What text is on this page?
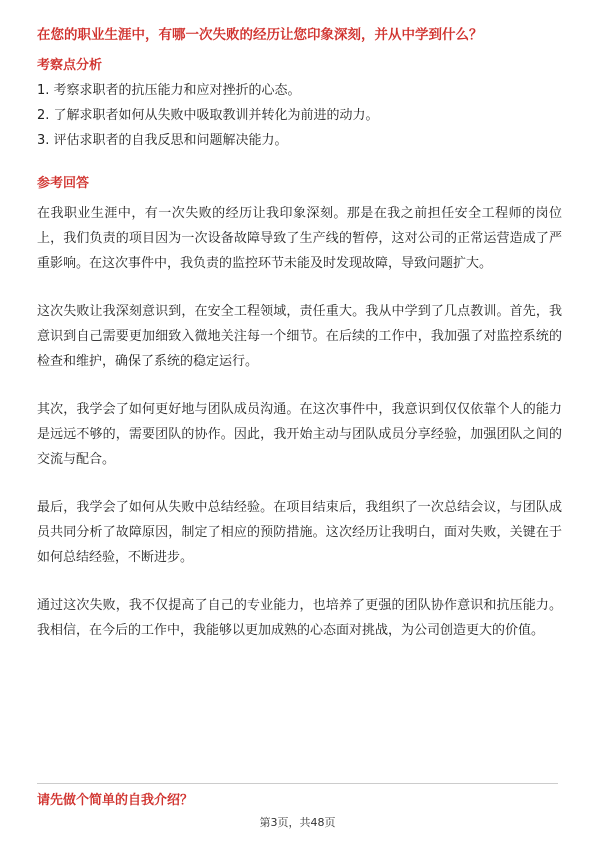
在您的职业生涯中，有哪一次失败的经历让您印象深刻，并从中学到什么？
考察点分析
1. 考察求职者的抗压能力和应对挫折的心态。
2. 了解求职者如何从失败中吸取教训并转化为前进的动力。
3. 评估求职者的自我反思和问题解决能力。
参考回答

在我职业生涯中，有一次失败的经历让我印象深刻。那是在我之前担任安全工程师的岗位上，我们负责的项目因为一次设备故障导致了生产线的暂停，这对公司的正常运营造成了严重影响。在这次事件中，我负责的监控环节未能及时发现故障，导致问题扩大。

这次失败让我深刻意识到，在安全工程领域，责任重大。我从中学到了几点教训。首先，我意识到自己需要更加细致入微地关注每一个细节。在后续的工作中，我加强了对监控系统的检查和维护，确保了系统的稳定运行。

其次，我学会了如何更好地与团队成员沟通。在这次事件中，我意识到仅仅依靠个人的能力是远远不够的，需要团队的协作。因此，我开始主动与团队成员分享经验，加强团队之间的交流与配合。

最后，我学会了如何从失败中总结经验。在项目结束后，我组织了一次总结会议，与团队成员共同分析了故障原因，制定了相应的预防措施。这次经历让我明白，面对失败，关键在于如何总结经验，不断进步。

通过这次失败，我不仅提高了自己的专业能力，也培养了更强的团队协作意识和抗压能力。我相信，在今后的工作中，我能够以更加成熟的心态面对挑战，为公司创造更大的价值。

请先做个简单的自我介绍？
第3页，共48页
